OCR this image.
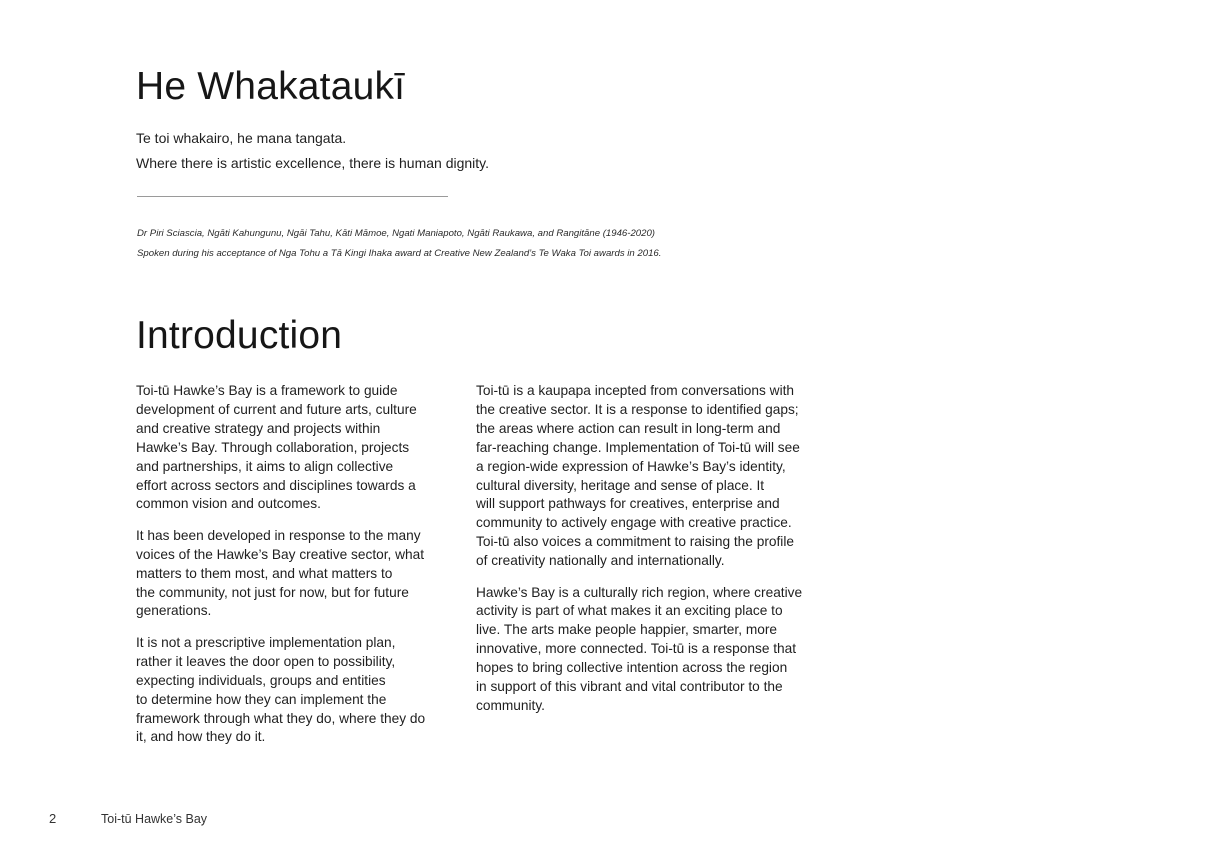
He Whakataukī
Te toi whakairo, he mana tangata.
Where there is artistic excellence, there is human dignity.
Dr Piri Sciascia, Ngāti Kahungunu, Ngāi Tahu, Kāti Māmoe, Ngati Maniapoto, Ngāti Raukawa, and Rangitāne (1946-2020)
Spoken during his acceptance of Nga Tohu a Tā Kingi Ihaka award at Creative New Zealand’s Te Waka Toi awards in 2016.
Introduction

Toi-tū Hawke’s Bay is a framework to guide
development of current and future arts, culture
and creative strategy and projects within
Hawke’s Bay. Through collaboration, projects
and partnerships, it aims to align collective
effort across sectors and disciplines towards a
common vision and outcomes.

It has been developed in response to the many
voices of the Hawke’s Bay creative sector, what
matters to them most, and what matters to
the community, not just for now, but for future
generations.

It is not a prescriptive implementation plan,
rather it leaves the door open to possibility,
expecting individuals, groups and entities
to determine how they can implement the
framework through what they do, where they do
it, and how they do it.

Toi-tū is a kaupapa incepted from conversations with
the creative sector. It is a response to identified gaps;
the areas where action can result in long-term and
far-reaching change. Implementation of Toi-tū will see
a region-wide expression of Hawke’s Bay’s identity,
cultural diversity, heritage and sense of place. It
will support pathways for creatives, enterprise and
community to actively engage with creative practice.
Toi-tū also voices a commitment to raising the profile
of creativity nationally and internationally.

Hawke’s Bay is a culturally rich region, where creative
activity is part of what makes it an exciting place to
live. The arts make people happier, smarter, more
innovative, more connected. Toi-tū is a response that
hopes to bring collective intention across the region
in support of this vibrant and vital contributor to the
community.

2	Toi-tū Hawke’s Bay
